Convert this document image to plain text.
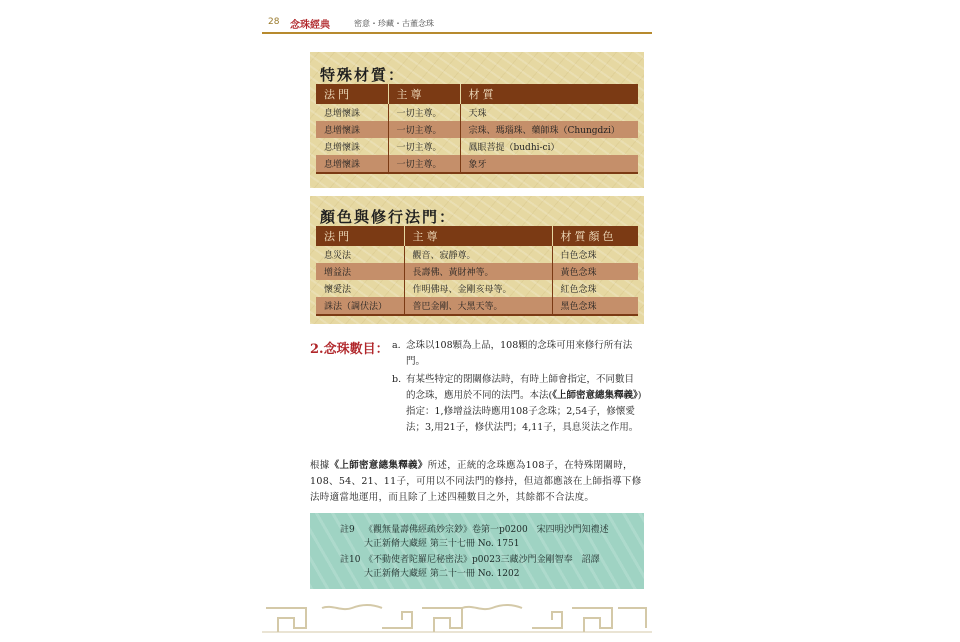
28 念珠經典	密意・珍藏・古董念珠
特殊材質：
法門	主尊	材質
息增懷誅	一切主尊。	天珠
息增懷誅	一切主尊。	宗珠、瑪瑙珠、藥師珠（Chungdzi）
息增懷誅	一切主尊。	鳳眼菩提（budhi-ci）
息增懷誅	一切主尊。	象牙
顏色與修行法門：
法門	主尊	材質顏色
息災法	觀音、寂靜尊。	白色念珠
增益法	長壽佛、黃財神等。	黃色念珠
懷愛法	作明佛母、金剛亥母等。	紅色念珠
誅法（調伏法）	普巴金剛、大黑天等。	黑色念珠
2.念珠數目： a. 念珠以108顆為上品，108顆的念珠可用來修行所有法門。
b. 有某些特定的閉關修法時，有時上師會指定，不同數目的念珠，應用於不同的法門。本法(《上師密意總集釋義》)指定：1,修增益法時應用108子念珠；2,54子，修懷愛法；3,用21子，修伏法門；4,11子，具息災法之作用。
根據《上師密意總集釋義》所述，正統的念珠應為108子，在特殊閉關時，108、54、21、11子，可用以不同法門的修持，但這都應該在上師指導下修法時適當地運用，而且除了上述四種數目之外，其餘都不合法度。
註9 《觀無量壽佛經疏妙宗鈔》卷第一p0200　宋四明沙門知禮述
大正新脩大藏經 第三十七冊 No. 1751
註10 《不動使者陀羅尼秘密法》p0023三藏沙門金剛智奉　詔譯
大正新脩大藏經 第二十一冊 No. 1202
